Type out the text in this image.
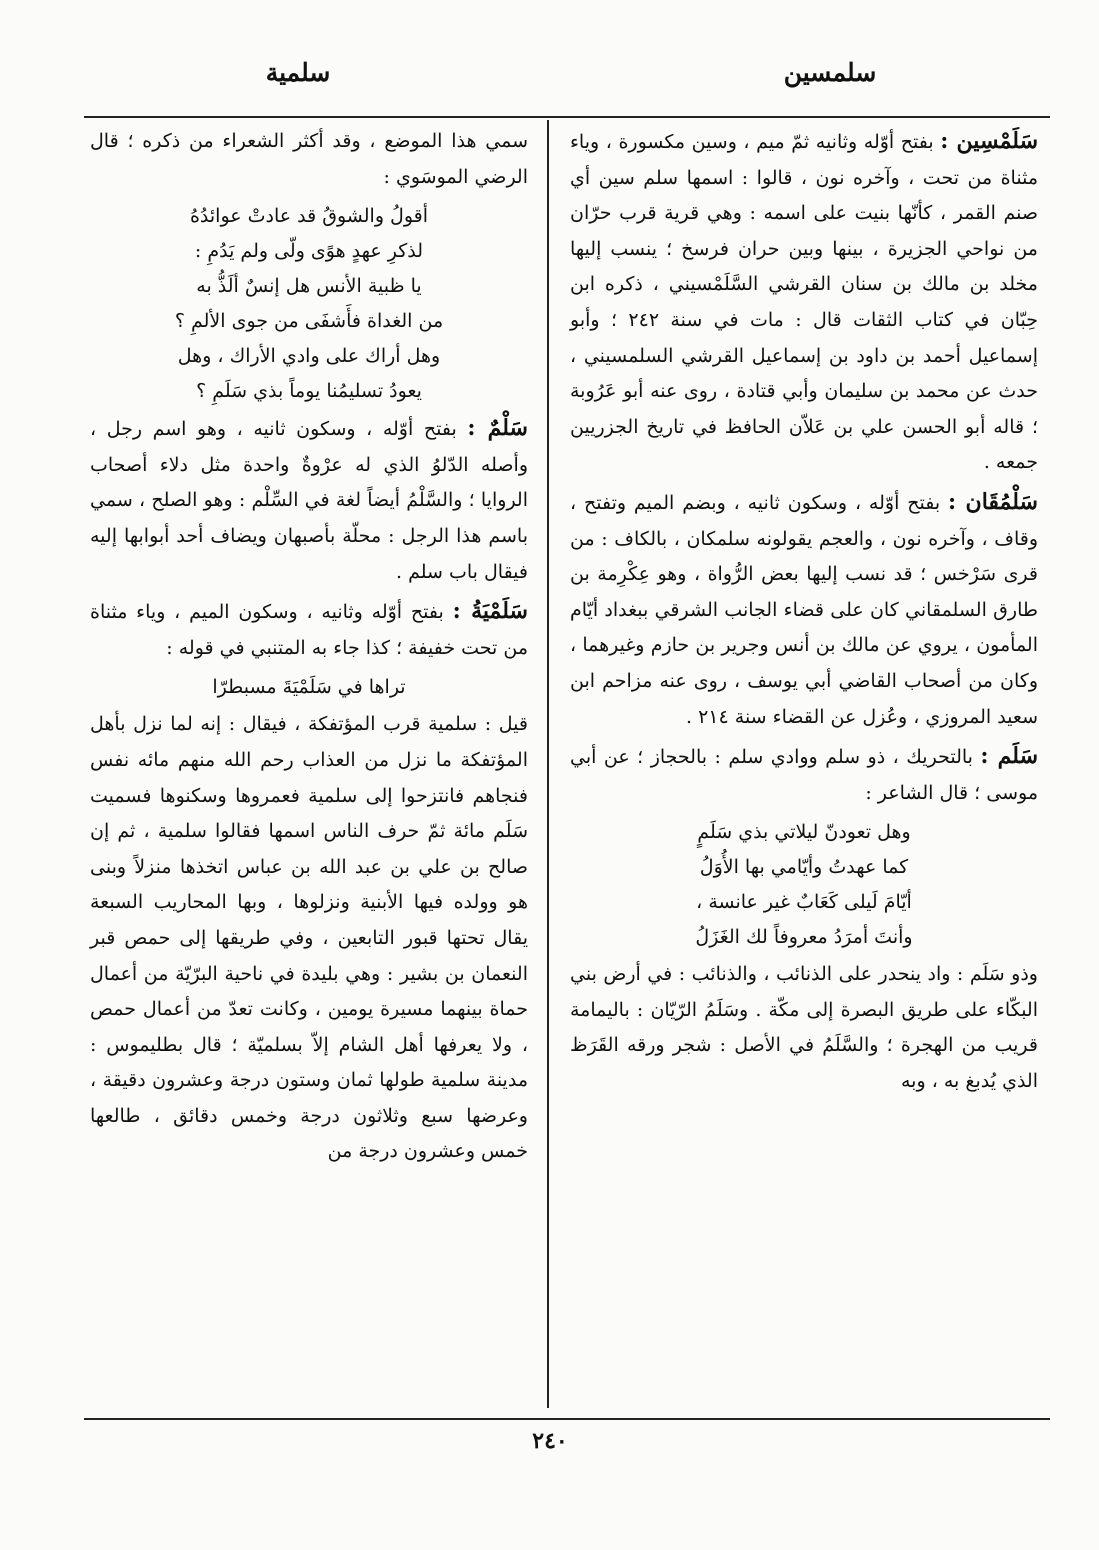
سلمسين
سلمية

سَلَمْسِين : بفتح أوّله وثانيه ثمّ ميم ، وسين مكسورة ، وياء مثناة من تحت ، وآخره نون ، قالوا : اسمها سلم سين أي صنم القمر ، كأنّها بنيت على اسمه : وهي قرية قرب حرّان من نواحي الجزيرة ، بينها وبين حران فرسخ ؛ ينسب إليها مخلد بن مالك بن سنان القرشي السَّلَمْسيني ، ذكره ابن حِبّان في كتاب الثقات قال : مات في سنة ٢٤٢ ؛ وأبو إسماعيل أحمد بن داود بن إسماعيل القرشي السلمسيني ، حدث عن محمد بن سليمان وأبي قتادة ، روى عنه أبو عَرُوبة ؛ قاله أبو الحسن علي بن عَلاّن الحافظ في تاريخ الجزريين جمعه .

سَلْمُقَان : بفتح أوّله ، وسكون ثانيه ، وبضم الميم وتفتح ، وقاف ، وآخره نون ، والعجم يقولونه سلمكان ، بالكاف : من قرى سَرْخس ؛ قد نسب إليها بعض الرُّواة ، وهو عِكْرِمة بن طارق السلمقاني كان على قضاء الجانب الشرقي ببغداد أيّام المأمون ، يروي عن مالك بن أنس وجرير بن حازم وغيرهما ، وكان من أصحاب القاضي أبي يوسف ، روى عنه مزاحم ابن سعيد المروزي ، وعُزل عن القضاء سنة ٢١٤ .

سَلَم : بالتحريك ، ذو سلم ووادي سلم : بالحجاز ؛ عن أبي موسى ؛ قال الشاعر :

وهل تعودنّ ليلاتي بذي سَلَمٍ
كما عهدتُ وأيّامي بها الأُوَلُ
أيّامَ لَيلى كَعَابٌ غير عانسة ،
وأنتَ أمرَدُ معروفاً لك الغَزَلُ

وذو سَلَم : واد ينحدر على الذنائب ، والذنائب : في أرض بني البكّاء على طريق البصرة إلى مكّة . وسَلَمُ الرّيّان : باليمامة قريب من الهجرة ؛ والسَّلَمُ في الأصل : شجر ورقه القَرَظ الذي يُدبغ به ، وبه

سمي هذا الموضع ، وقد أكثر الشعراء من ذكره ؛ قال الرضي الموسَوي :

أقولُ والشوقُ قد عادتْ عوائدُهُ
لذكرِ عهدٍ هوًى ولّى ولم يَدُمِ :
يا ظبية الأنس هل إنسٌ ألَذُّ به
من الغداة فأَشفَى من جوى الألمِ ؟
وهل أراك على وادي الأراك ، وهل
يعودُ تسليمُنا يوماً بذي سَلَمِ ؟

سَلْمٌ : بفتح أوّله ، وسكون ثانيه ، وهو اسم رجل ، وأصله الدّلوُ الذي له عرْوةٌ واحدة مثل دلاء أصحاب الروايا ؛ والسَّلْمُ أيضاً لغة في السِّلْم : وهو الصلح ، سمي باسم هذا الرجل : محلّة بأصبهان ويضاف أحد أبوابها إليه فيقال باب سلم .

سَلَمْيَةُ : بفتح أوّله وثانيه ، وسكون الميم ، وياء مثناة من تحت خفيفة ؛ كذا جاء به المتنبي في قوله :

تراها في سَلَمْيَةَ مسبطرّا

قيل : سلمية قرب المؤتفكة ، فيقال : إنه لما نزل بأهل المؤتفكة ما نزل من العذاب رحم الله منهم مائه نفس فنجاهم فانتزحوا إلى سلمية فعمروها وسكنوها فسميت سَلَم مائة ثمّ حرف الناس اسمها فقالوا سلمية ، ثم إن صالح بن علي بن عبد الله بن عباس اتخذها منزلاً وبنى هو وولده فيها الأبنية ونزلوها ، وبها المحاريب السبعة يقال تحتها قبور التابعين ، وفي طريقها إلى حمص قبر النعمان بن بشير : وهي بليدة في ناحية البرّيّة من أعمال حماة بينهما مسيرة يومين ، وكانت تعدّ من أعمال حمص ، ولا يعرفها أهل الشام إلاّ بسلميّة ؛ قال بطليموس : مدينة سلمية طولها ثمان وستون درجة وعشرون دقيقة ، وعرضها سبع وثلاثون درجة وخمس دقائق ، طالعها خمس وعشرون درجة من

٢٤٠
